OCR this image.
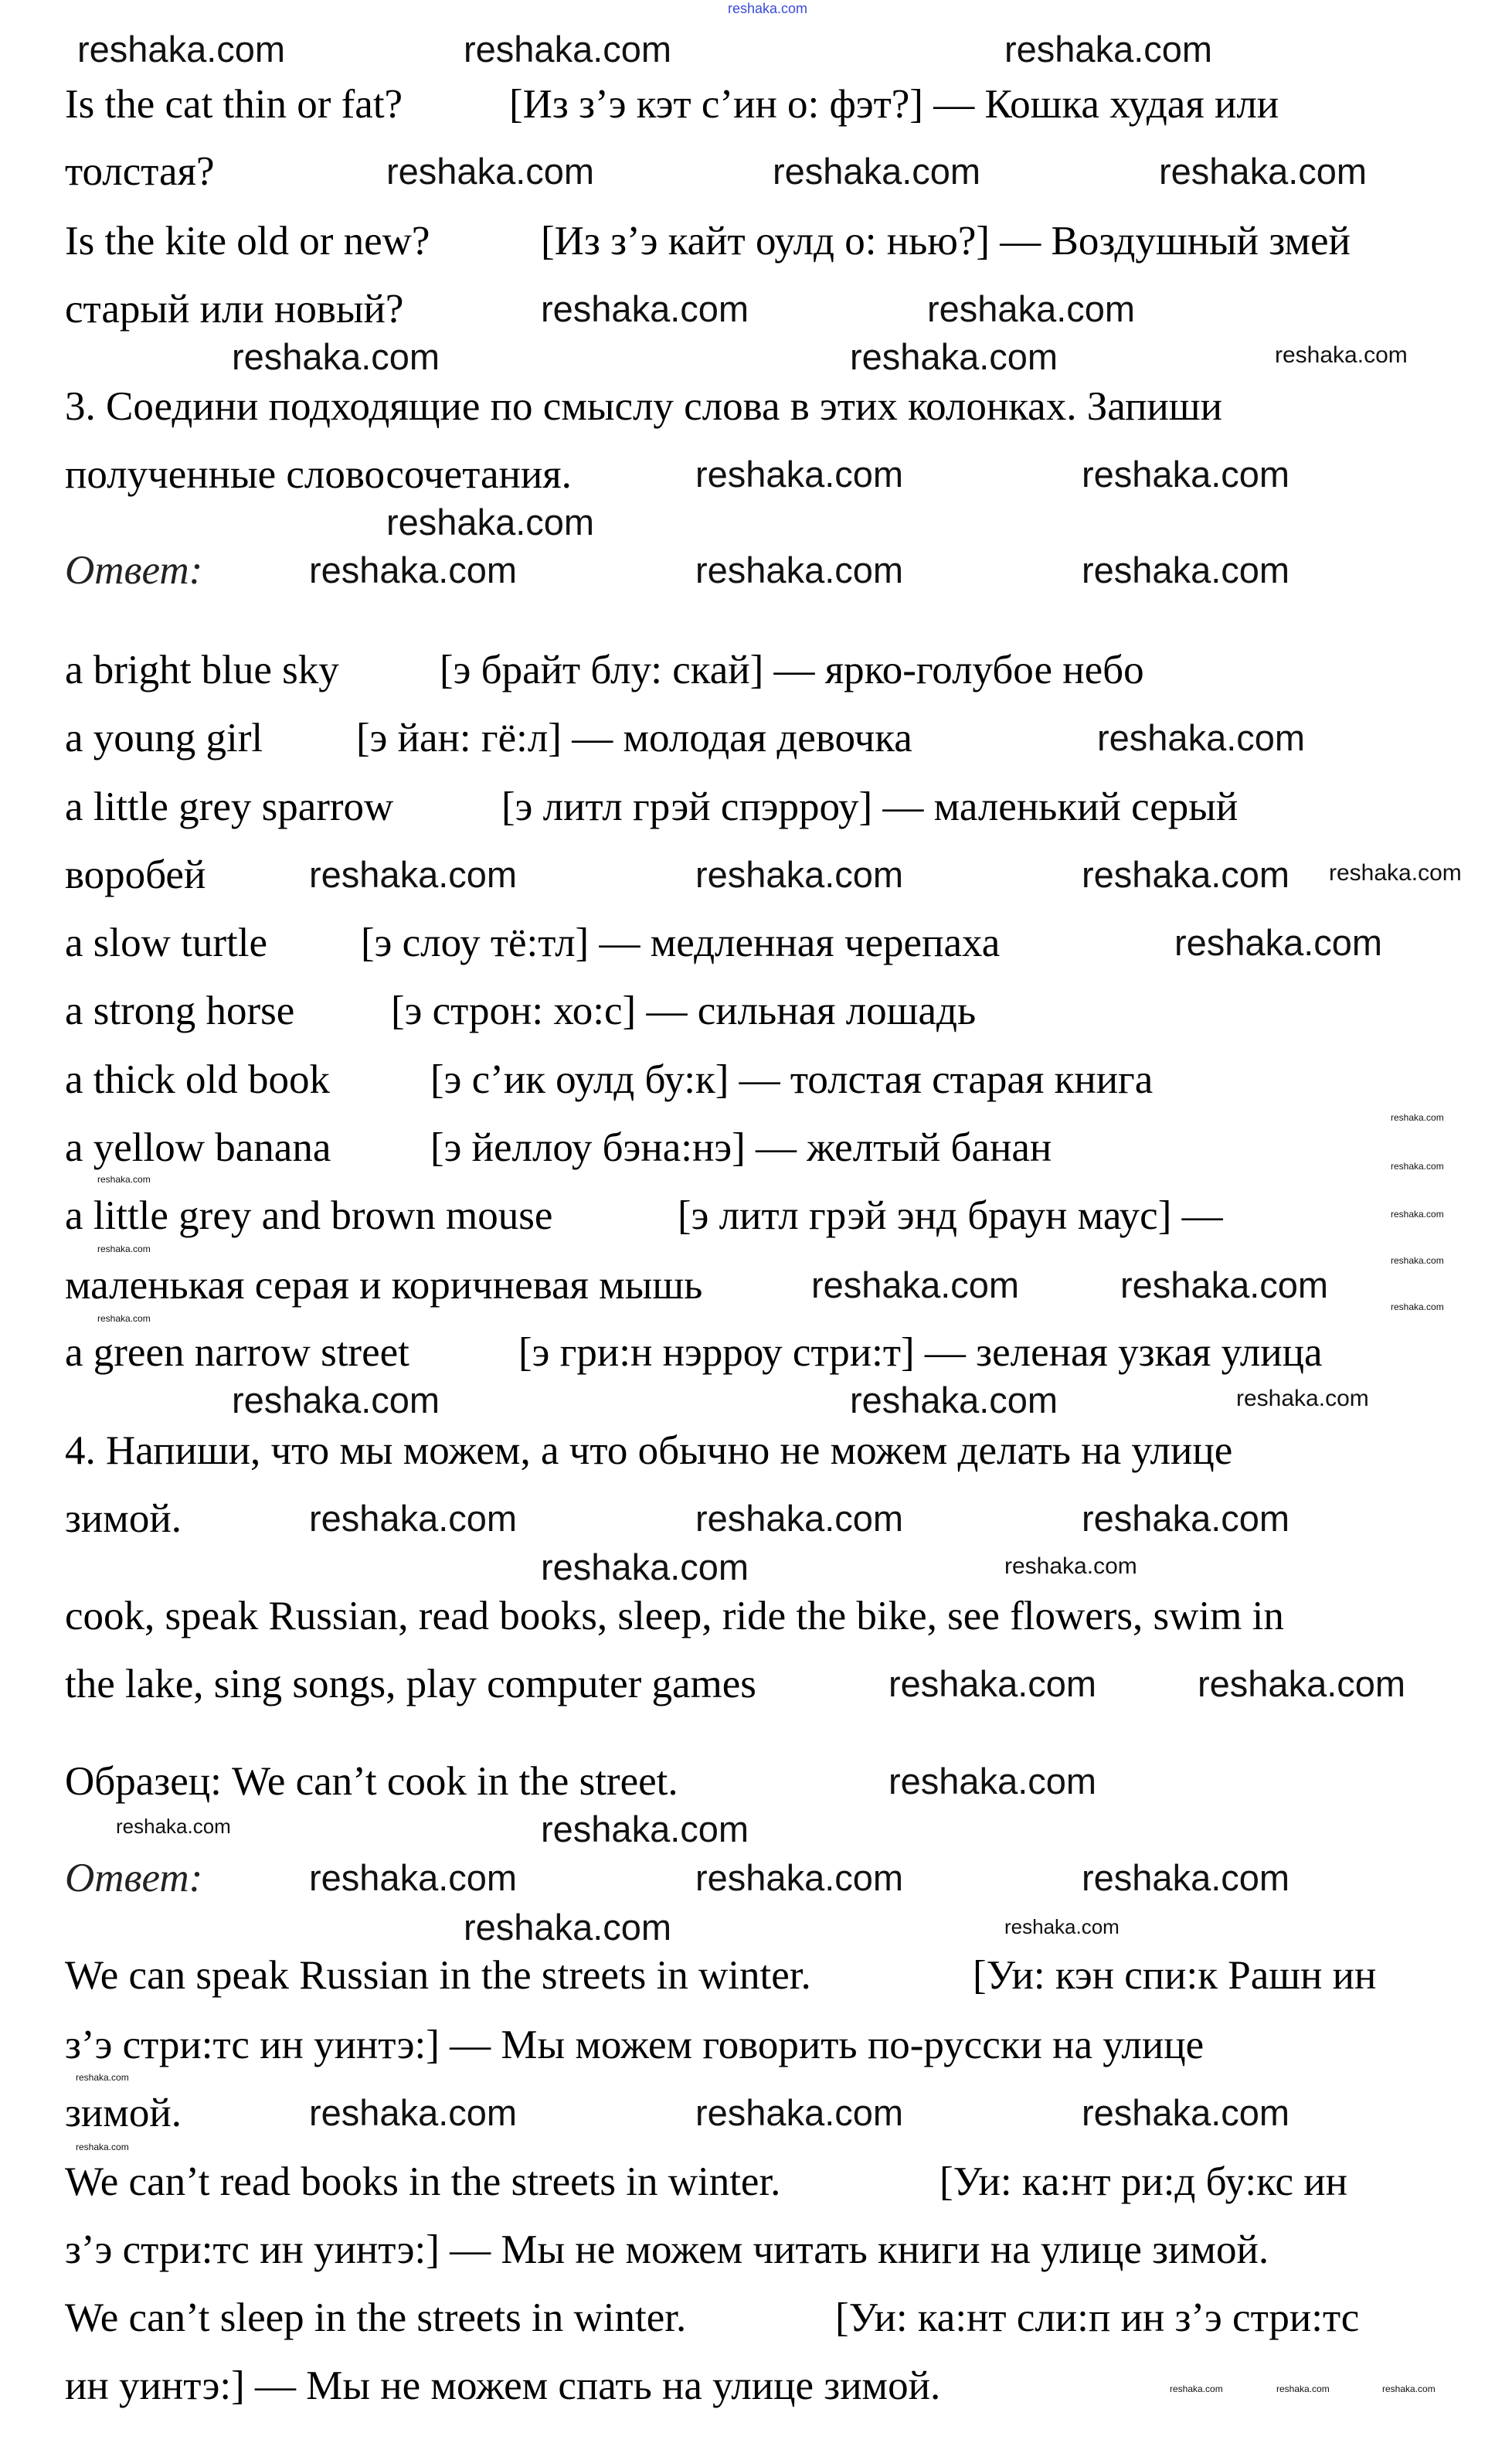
reshaka.com
Is the cat thin or fat?	[Из з’э кэт с’ин о: фэт?] — Кошка худая или
толстая?
Is the kite old or new?	[Из з’э кайт оулд о: нью?] — Воздушный змей
старый или новый?
3. Соедини подходящие по смыслу слова в этих колонках. Запиши
полученные словосочетания.
Ответ:
a bright blue sky [э брайт блу: скай] — ярко-голубое небо
a young girl [э йан: гё:л] — молодая девочка
a little grey sparrow	[э литл грэй спэрроу] — маленький серый
воробей
a slow turtle [э слоу тё:тл] — медленная черепаха
a strong horse [э строн: хо:с] — сильная лошадь
a thick old book [э с’ик оулд бу:к] — толстая старая книга
a yellow banana [э йеллоу бэна:нэ] — желтый банан
a little grey and brown mouse	[э литл грэй энд браун маус] —
маленькая серая и коричневая мышь
a green narrow street	[э гри:н нэрроу стри:т] — зеленая узкая улица
4. Напиши, что мы можем, а что обычно не можем делать на улице
зимой.
cook, speak Russian, read books, sleep, ride the bike, see flowers, swim in
the lake, sing songs, play computer games
Образец: We can’t cook in the street.
Ответ:
We can speak Russian in the streets in winter.	[Уи: кэн спи:к Рашн ин
з’э стри:тс ин уинтэ:] — Мы можем говорить по-русски на улице
зимой.
We can’t read books in the streets in winter.	[Уи: ка:нт ри:д бу:кс ин
з’э стри:тс ин уинтэ:] — Мы не можем читать книги на улице зимой.
We can’t sleep in the streets in winter.	[Уи: ка:нт сли:п ин з’э стри:тс
ин уинтэ:] — Мы не можем спать на улице зимой.
reshaka.com	reshaka.com	reshaka.com
reshaka.com	reshaka.com	reshaka.com
reshaka.com	reshaka.com
reshaka.com	reshaka.com	reshaka.com
reshaka.com	reshaka.com
reshaka.com
reshaka.com	reshaka.com	reshaka.com
reshaka.com
reshaka.com	reshaka.com	reshaka.com reshaka.com
reshaka.com
reshaka.com
reshaka.com
reshaka.com
reshaka.com
reshaka.com
reshaka.com
reshaka.com	reshaka.com
reshaka.com
reshaka.com
reshaka.com	reshaka.com	reshaka.com
reshaka.com	reshaka.com	reshaka.com
reshaka.com	reshaka.com
reshaka.com	reshaka.com
reshaka.com
reshaka.com	reshaka.com
reshaka.com	reshaka.com	reshaka.com
reshaka.com	reshaka.com
reshaka.com
reshaka.com	reshaka.com	reshaka.com
reshaka.com
reshaka.com	reshaka.com	reshaka.com
